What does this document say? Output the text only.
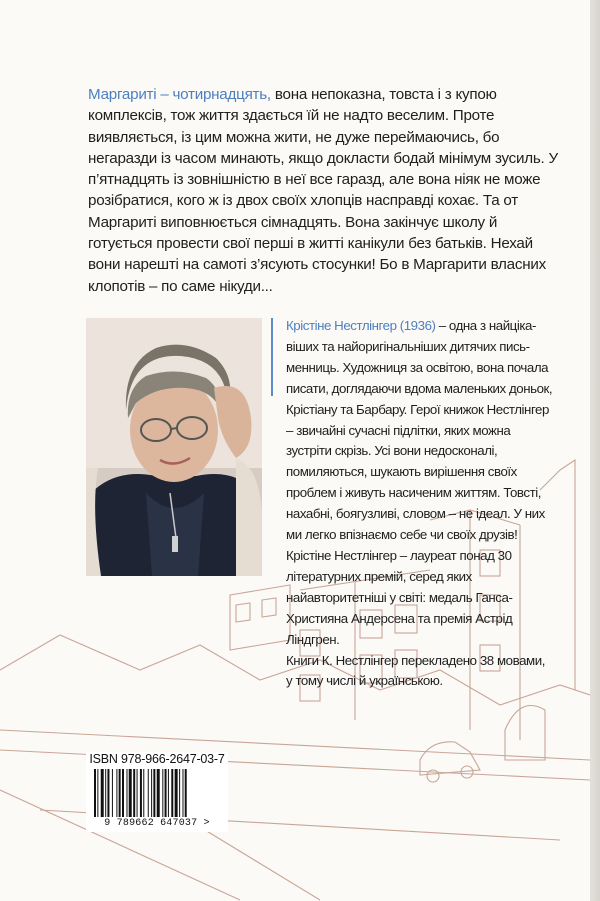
Маргариті – чотирнадцять, вона непоказна, товста і з купою комплексів, тож життя здається їй не надто веселим. Проте виявляється, із цим можна жити, не дуже переймаючись, бо негаразди із часом минають, якщо докласти бодай мінімум зусиль. У п’ятнадцять із зовнішністю в неї все гаразд, але вона ніяк не може розібратися, кого ж із двох своїх хлопців насправді кохає. Та от Маргариті виповнюється сімнадцять. Вона закінчує школу й готується провести свої перші в житті канікули без батьків. Нехай вони нарешті на самоті з’ясують стосунки! Бо в Маргарити власних клопотів – по саме нікуди...

Крістіне Нестлінгер (1936) – одна з найцікавіших та найоригінальніших дитячих письменниць. Художниця за освітою, вона почала писати, доглядаючи вдома маленьких доньок, Крістіану та Барбару. Герої книжок Нестлінгер – звичайні сучасні підлітки, яких можна зустріти скрізь. Усі вони недосконалі, помиляються, шукають вирішення своїх проблем і живуть насиченим життям. Товсті, нахабні, боягузливі, словом – не ідеал. У них ми легко впізнаємо себе чи своїх друзів!

Крістіне Нестлінгер – лауреат понад 30 літературних премій, серед яких найавторитетніші у світі: медаль Ганса-Християна Андерсена та премія Астрід Ліндгрен.

Книги К. Нестлінгер перекладено 38 мовами, у тому числі й українською.

ISBN 978-966-2647-03-7
9 789662 647037 >
